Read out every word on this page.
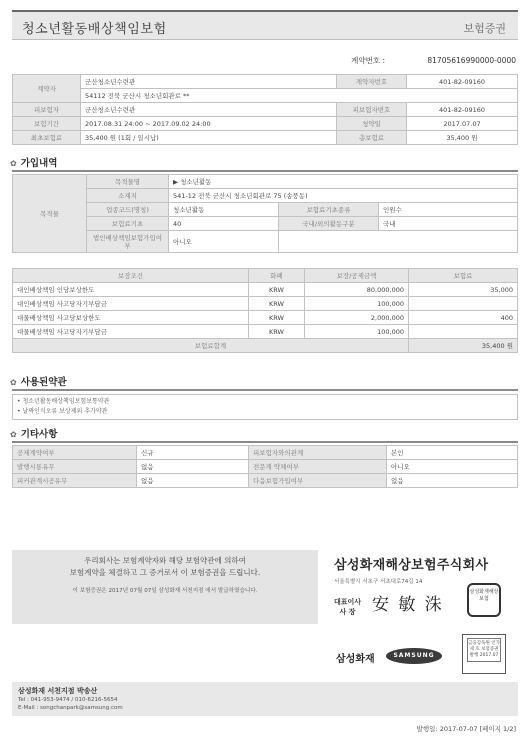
청소년활동배상책임보험	보험증권
계약번호 :	81705616990000-0000
계약자	군산청소년수련관	계약자번호	401-82-09160
	54112 전북 군산시 청소년회관로 **		
피보험자	군산청소년수련관	피보험자번호	401-82-09160
보험기간	2017.08.31 24:00 ~ 2017.09.02 24:00	청약일	2017.07.07
최초보험료	35,400 원 (1회 / 일시납)	총보험료	35,400 원
✿ 가입내역
목적물	목적물명	▶ 청소년활동		
	소재지	541-12 전북 군산시 청소년회관로 75 (송풍동)		
	업종코드(명칭)	청소년활동	보험료기초종류	인원수
	보험료기초	40	국내/외의활동구분	국내
	법인배상책임보험가입여부	아니오		
보장조건	화폐	보장/공제금액	보험료
대인배상책임 인당보상한도	KRW	80,000,000	35,000
대인배상책임 사고당자기부담금	KRW	100,000	
대물배상책임 사고당보상한도	KRW	2,000,000	400
대물배상책임 사고당자기부담금	KRW	100,000	
보험료합계			35,400 원
✿ 사용된약관
• 청소년활동배상책임보험보통약관
• 날짜인식오류 보상제외 추가약관
✿ 기타사항
공제계약여부	신규	피보험자와의관계	본인
발행시통유무	없음	전문계 약체여부	아니오
피커관계시공유무	없음	다음보험가입여부	없음
우리회사는 보험계약자와 해당 보험약관에 의하여
보험계약을 체결하고 그 증거로서 이 보험증권을 드립니다.
이 보험증권은 2017년 07월 07일 삼성화재 서천지점 에서 발급하였습니다.
삼성화재해상보험주식회사
서울특별시 서초구 서초대로74길 14
대표이사
사 장 安 敏 洙
삼성화재해상보험
삼성화재	SAMSUNG
금융감독원 인가 제 호 보험증권 발행 2017.07
삼성화재 서천지점 박송산
Tel : 041-953-9474 / 010-6216-5654
E-Mail : songchanpark@samsung.com
발행일: 2017-07-07 [페이지 1/2]
